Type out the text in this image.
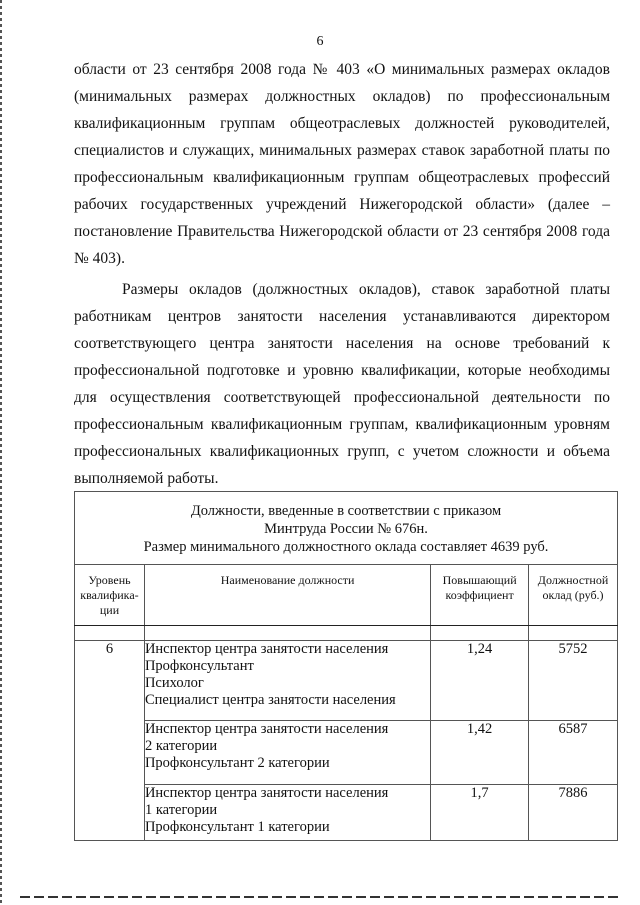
6

области от 23 сентября 2008 года № 403 «О минимальных размерах окладов (минимальных размерах должностных окладов) по профессиональным квалификационным группам общеотраслевых должностей руководителей, специалистов и служащих, минимальных размерах ставок заработной платы по профессиональным квалификационным группам общеотраслевых профессий рабочих государственных учреждений Нижегородской области» (далее – постановление Правительства Нижегородской области от 23 сентября 2008 года № 403).

Размеры окладов (должностных окладов), ставок заработной платы работникам центров занятости населения устанавливаются директором соответствующего центра занятости населения на основе требований к профессиональной подготовке и уровню квалификации, которые необходимы для осуществления соответствующей профессиональной деятельности по профессиональным квалификационным группам, квалификационным уровням профессиональных квалификационных групп, с учетом сложности и объема выполняемой работы.

Должности, введенные в соответствии с приказом
Минтруда России № 676н.
Размер минимального должностного оклада составляет 4639 руб.			

Уровень квалифика-ции	Наименование должности	Повышающий коэффициент	Должностной оклад (руб.)

6	Инспектор центра занятости населения
Профконсультант
Психолог
Специалист центра занятости населения	1,24	5752

	Инспектор центра занятости населения
2 категории
Профконсультант 2 категории	1,42	6587

	Инспектор центра занятости населения
1 категории
Профконсультант 1 категории	1,7	7886
